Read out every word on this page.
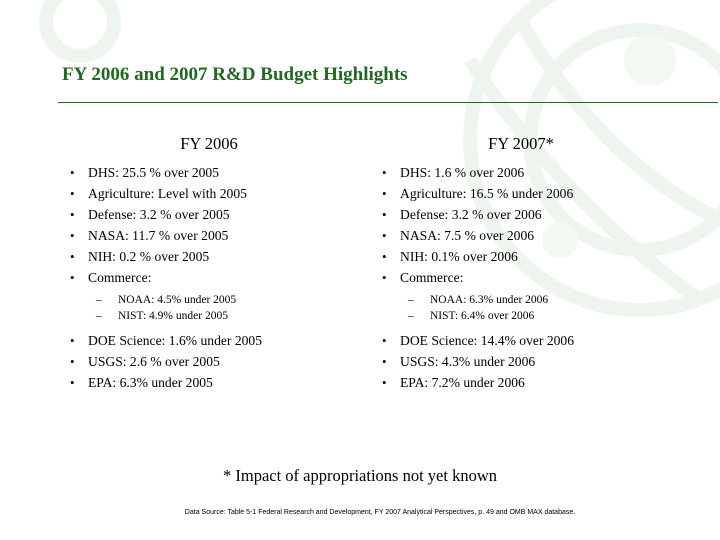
FY 2006 and 2007 R&D Budget Highlights
FY 2006
• DHS: 25.5 % over 2005
• Agriculture: Level with 2005
• Defense: 3.2 % over 2005
• NASA: 11.7 % over 2005
• NIH: 0.2 % over 2005
• Commerce:
– NOAA: 4.5% under 2005
– NIST: 4.9% under 2005
• DOE Science: 1.6% under 2005
• USGS: 2.6 % over 2005
• EPA: 6.3% under 2005
FY 2007*
• DHS: 1.6 % over 2006
• Agriculture: 16.5 % under 2006
• Defense: 3.2 % over 2006
• NASA: 7.5 % over 2006
• NIH: 0.1% over 2006
• Commerce:
– NOAA: 6.3% under 2006
– NIST: 6.4% over 2006
• DOE Science: 14.4% over 2006
• USGS: 4.3% under 2006
• EPA: 7.2% under 2006
* Impact of appropriations not yet known
Data Source: Table 5-1 Federal Research and Development, FY 2007 Analytical Perspectives, p. 49 and OMB MAX database.
